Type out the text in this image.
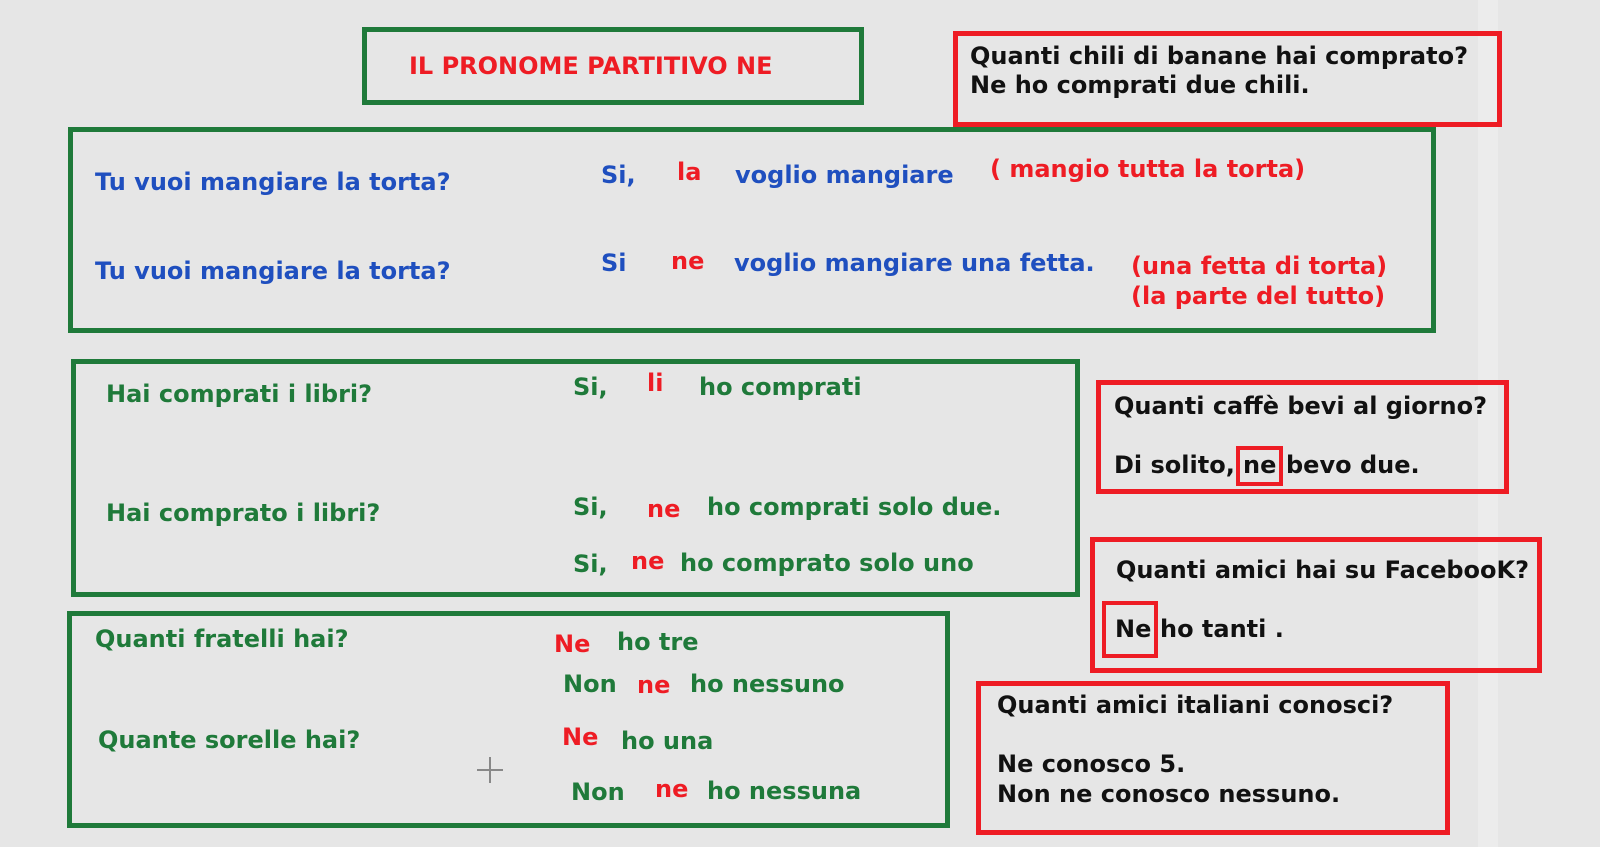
IL PRONOME PARTITIVO NE	Quanti chili di banane hai comprato?
Ne ho comprati due chili.
Tu vuoi mangiare la torta?	Si, la voglio mangiare ( mangio tutta la torta)
Tu vuoi mangiare la torta?	Si ne voglio mangiare una fetta. (una fetta di torta)
(la parte del tutto)
Hai comprati i libri?	Si, li ho comprati
Hai comprato i libri?	Si, ne ho comprati solo due.
Si, ne ho comprato solo uno
Quanti fratelli hai?	Ne ho tre
Non ne ho nessuno
Quante sorelle hai?	Ne ho una
Non ne ho nessuna
Quanti caffè bevi al giorno?
Di solito, ne bevo due.
Quanti amici hai su FacebooK?
Ne ho tanti .
Quanti amici italiani conosci?
Ne conosco 5.
Non ne conosco nessuno.
